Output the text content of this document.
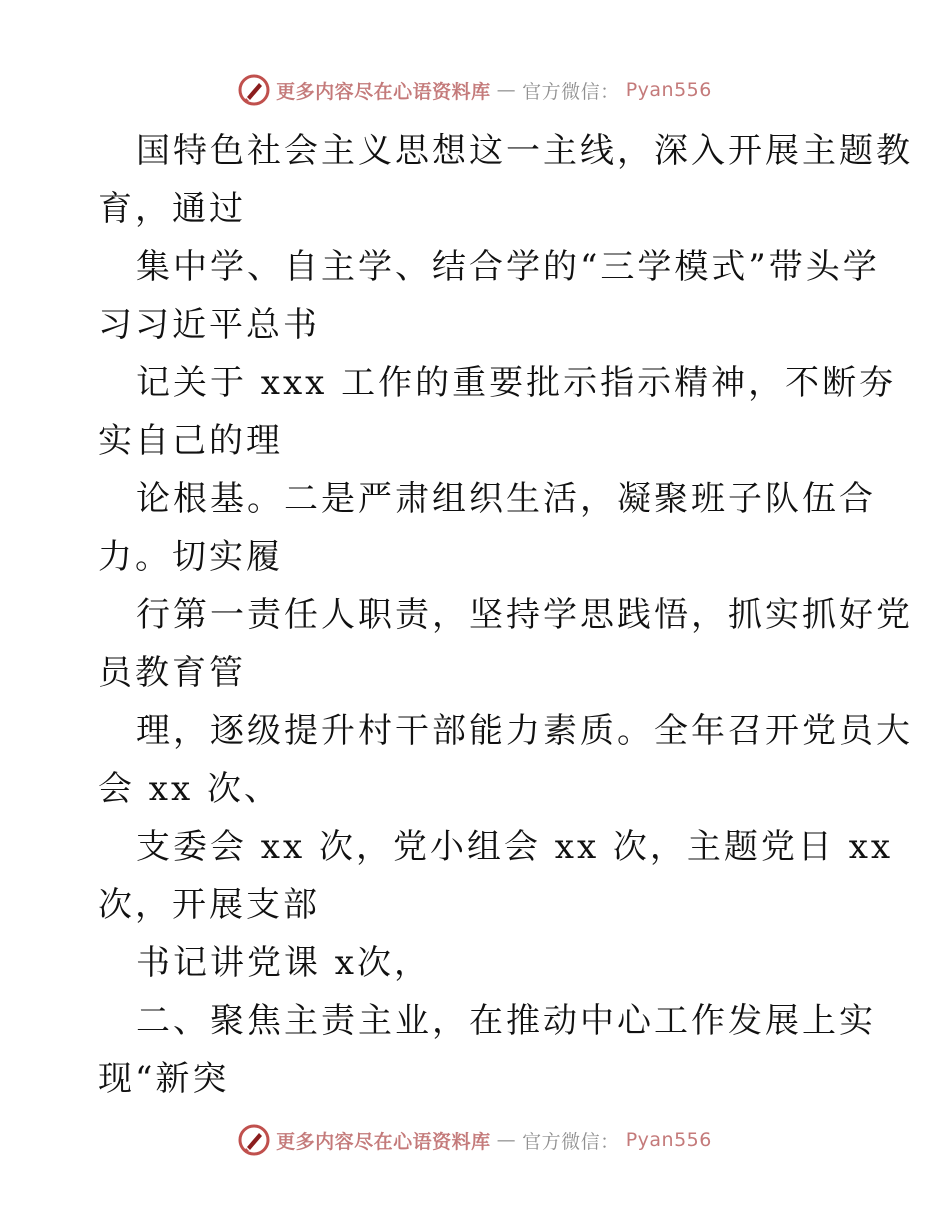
更多内容尽在心语资料库 — 官方微信： Pyan556
国特色社会主义思想这一主线，深入开展主题教
育，通过
集中学、自主学、结合学的“三学模式”带头学
习习近平总书
记关于 xxx 工作的重要批示指示精神，不断夯
实自己的理
论根基。二是严肃组织生活，凝聚班子队伍合
力。切实履
行第一责任人职责，坚持学思践悟，抓实抓好党
员教育管
理，逐级提升村干部能力素质。全年召开党员大
会 xx 次、
支委会 xx 次，党小组会 xx 次，主题党日 xx
次，开展支部
书记讲党课 x次，
二、聚焦主责主业，在推动中心工作发展上实
现“新突
更多内容尽在心语资料库 — 官方微信： Pyan556
